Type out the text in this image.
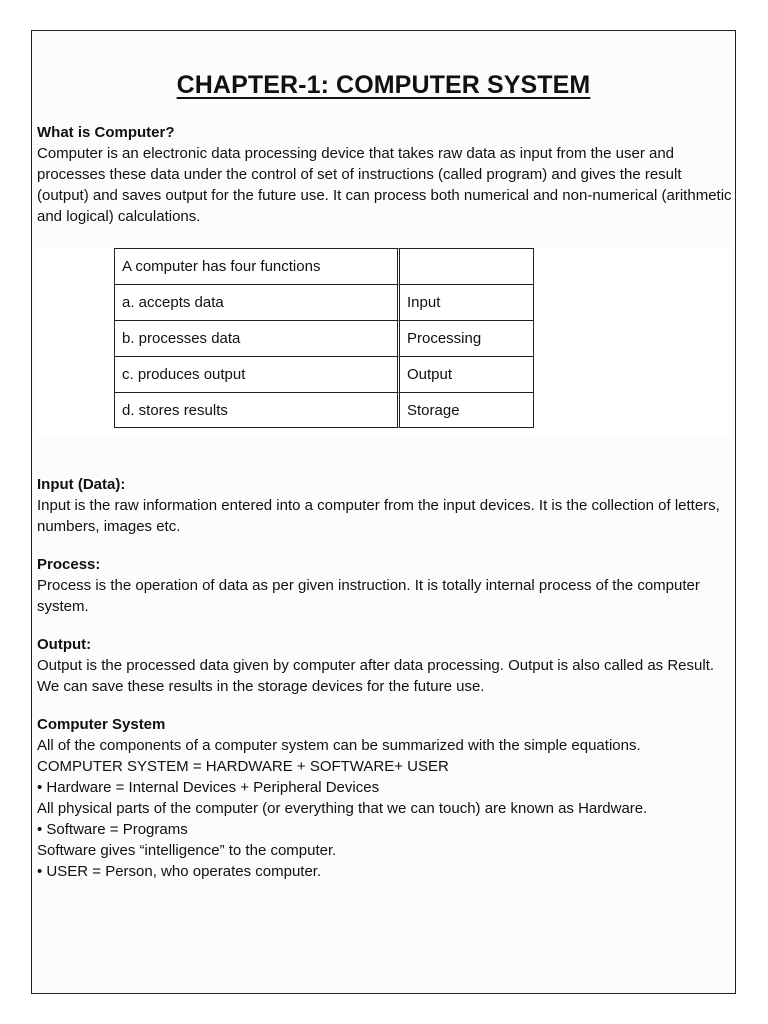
CHAPTER-1: COMPUTER SYSTEM

What is Computer?

Computer is an electronic data processing device that takes raw data as input from the user and processes these data under the control of set of instructions (called program) and gives the result (output) and saves output for the future use. It can process both numerical and non-numerical (arithmetic and logical) calculations.

A computer has four functions	
a. accepts data	Input
b. processes data	Processing
c. produces output	Output
d. stores results	Storage

Input (Data):

Input is the raw information entered into a computer from the input devices. It is the collection of letters, numbers, images etc.

Process:

Process is the operation of data as per given instruction. It is totally internal process of the computer system.

Output:

Output is the processed data given by computer after data processing. Output is also called as Result. We can save these results in the storage devices for the future use.

Computer System

All of the components of a computer system can be summarized with the simple equations.

COMPUTER SYSTEM = HARDWARE + SOFTWARE+ USER

• Hardware = Internal Devices + Peripheral Devices

All physical parts of the computer (or everything that we can touch) are known as Hardware.

• Software = Programs

Software gives “intelligence” to the computer.

• USER = Person, who operates computer.
